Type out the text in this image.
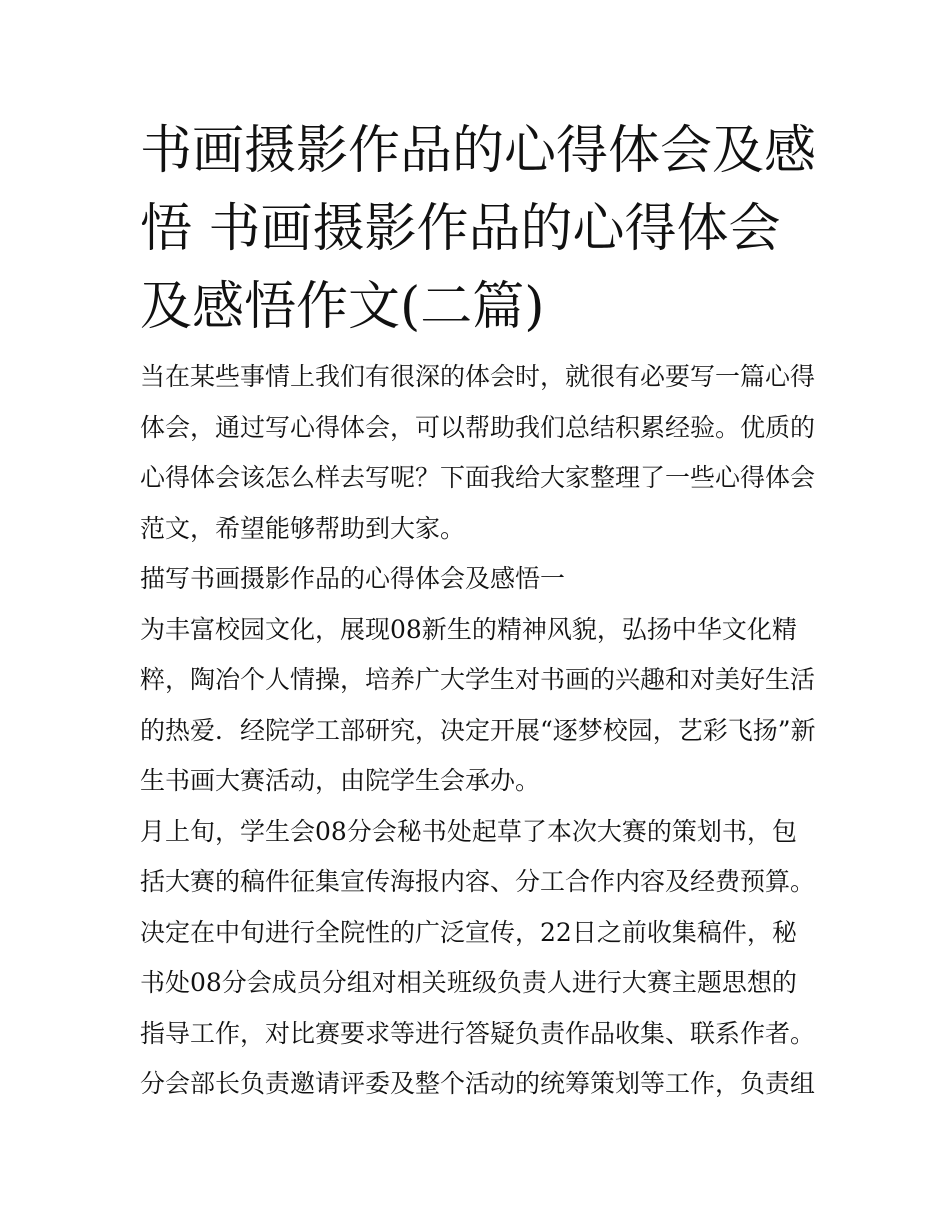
书画摄影作品的心得体会及感悟 书画摄影作品的心得体会及感悟作文(二篇)

当在某些事情上我们有很深的体会时，就很有必要写一篇心得体会，通过写心得体会，可以帮助我们总结积累经验。优质的心得体会该怎么样去写呢？下面我给大家整理了一些心得体会范文，希望能够帮助到大家。

描写书画摄影作品的心得体会及感悟一

为丰富校园文化，展现08新生的精神风貌，弘扬中华文化精粹，陶冶个人情操，培养广大学生对书画的兴趣和对美好生活的热爱．经院学工部研究，决定开展“逐梦校园，艺彩飞扬”新生书画大赛活动，由院学生会承办。

月上旬，学生会08分会秘书处起草了本次大赛的策划书，包括大赛的稿件征集宣传海报内容、分工合作内容及经费预算。决定在中旬进行全院性的广泛宣传，22日之前收集稿件，秘书处08分会成员分组对相关班级负责人进行大赛主题思想的指导工作，对比赛要求等进行答疑负责作品收集、联系作者。分会部长负责邀请评委及整个活动的统筹策划等工作，负责组
